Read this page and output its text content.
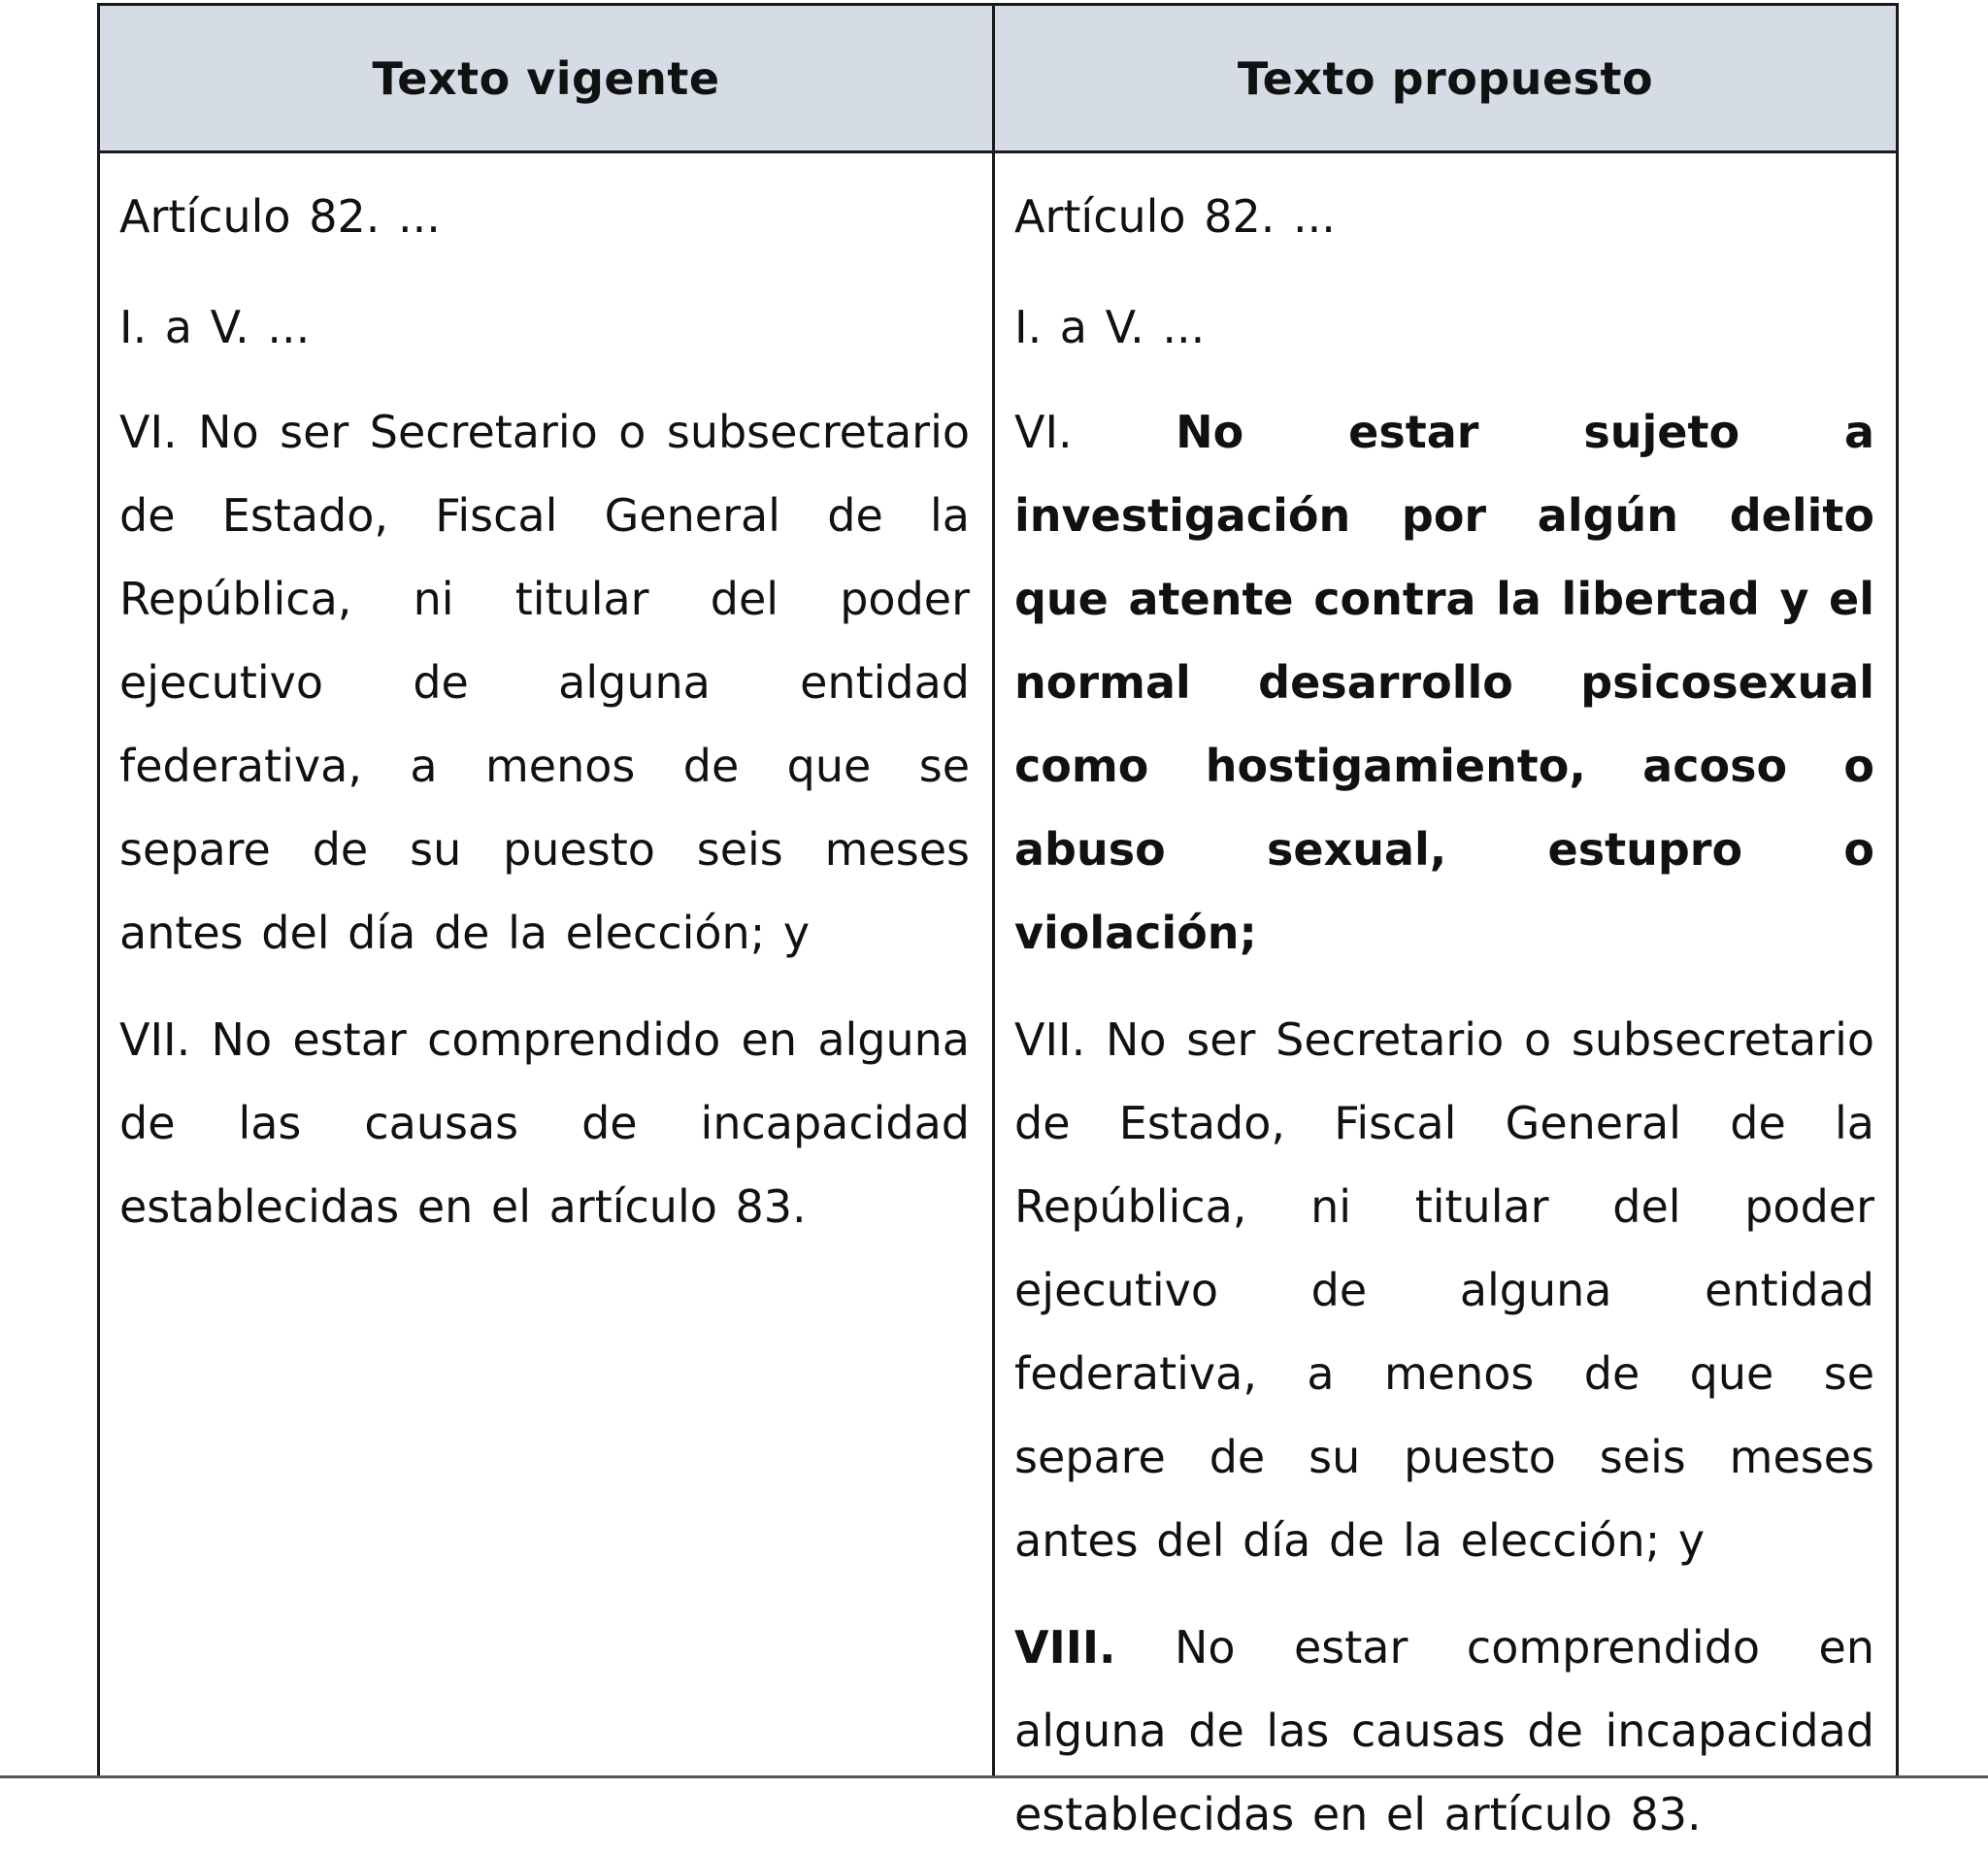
Texto vigente	Texto propuesto

Artículo 82. ...

I. a V. ...

VI. No ser Secretario o subsecretario de Estado, Fiscal General de la República, ni titular del poder ejecutivo de alguna entidad federativa, a menos de que se separe de su puesto seis meses antes del día de la elección; y

VII. No estar comprendido en alguna de las causas de incapacidad establecidas en el artículo 83.

Artículo 82. ...

I. a V. ...

VI. No estar sujeto a investigación por algún delito que atente contra la libertad y el normal desarrollo psicosexual como hostigamiento, acoso o abuso sexual, estupro o violación;

VII. No ser Secretario o subsecretario de Estado, Fiscal General de la República, ni titular del poder ejecutivo de alguna entidad federativa, a menos de que se separe de su puesto seis meses antes del día de la elección; y

VIII. No estar comprendido en alguna de las causas de incapacidad establecidas en el artículo 83.
